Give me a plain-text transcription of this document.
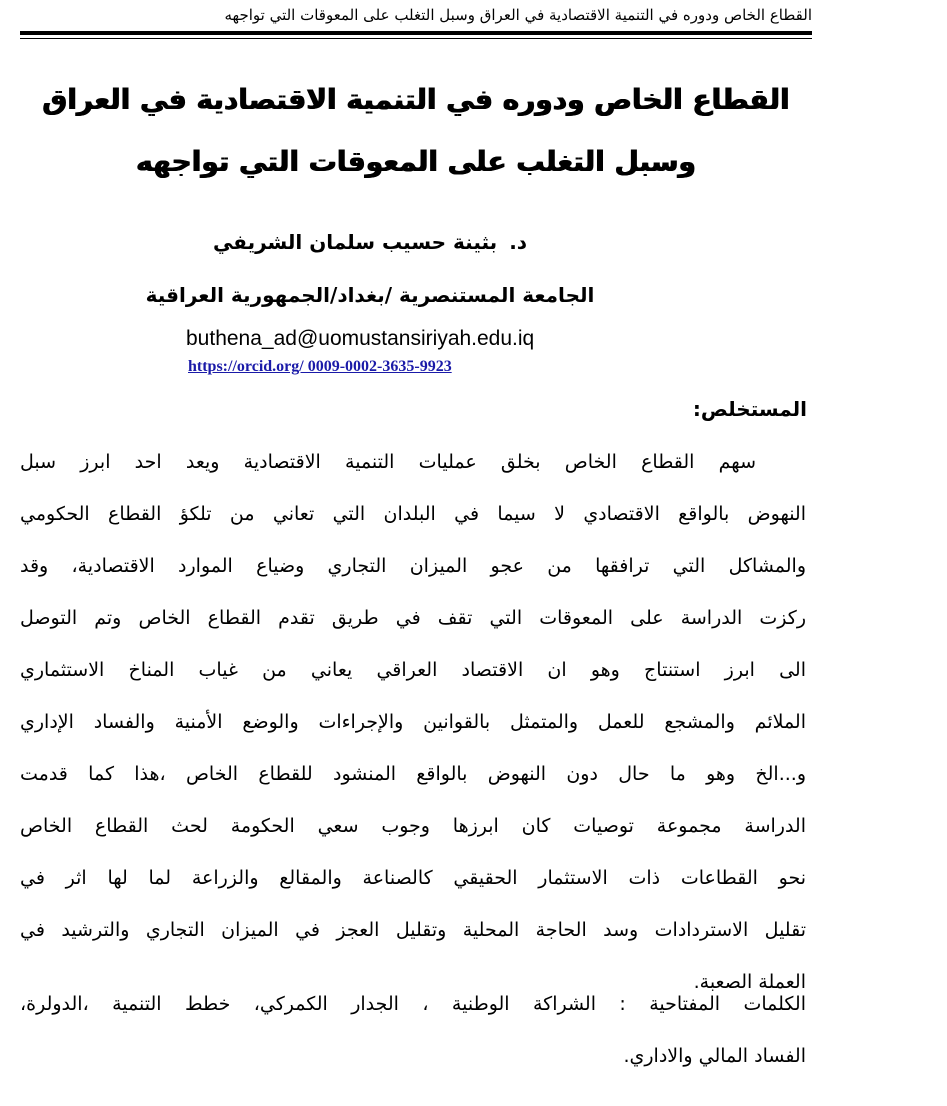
القطاع الخاص ودوره في التنمية الاقتصادية في العراق وسبل التغلب على المعوقات التي تواجهه
القطاع الخاص ودوره في التنمية الاقتصادية في العراق
وسبل التغلب على المعوقات التي تواجهه
د.بثينة حسيب سلمان الشريفي
الجامعة المستنصرية /بغداد/الجمهورية العراقية
buthena_ad@uomustansiriyah.edu.iq
https://orcid.org/ 0009-0002-3635-9923
المستخلص:
سهم القطاع الخاص بخلق عمليات التنمية الاقتصادية ويعد احد ابرز سبل
النهوض بالواقع الاقتصادي لا سيما في البلدان التي تعاني من تلكؤ القطاع الحكومي
والمشاكل التي ترافقها من عجو الميزان التجاري وضياع الموارد الاقتصادية، وقد
ركزت الدراسة على المعوقات التي تقف في طريق تقدم القطاع الخاص وتم التوصل
الى ابرز استنتاج وهو ان الاقتصاد العراقي يعاني من غياب المناخ الاستثماري
الملائم والمشجع للعمل والمتمثل بالقوانين والإجراءات والوضع الأمنية والفساد الإداري
و...الخ وهو ما حال دون النهوض بالواقع المنشود للقطاع الخاص ،هذا كما قدمت
الدراسة مجموعة توصيات كان ابرزها وجوب سعي الحكومة لحث القطاع الخاص
نحو القطاعات ذات الاستثمار الحقيقي كالصناعة والمقالع والزراعة لما لها اثر في
تقليل الاستردادات وسد الحاجة المحلية وتقليل العجز في الميزان التجاري والترشيد في
العملة الصعبة.
الكلمات المفتاحية : الشراكة الوطنية ، الجدار الكمركي، خطط التنمية ،الدولرة،
الفساد المالي والاداري.
